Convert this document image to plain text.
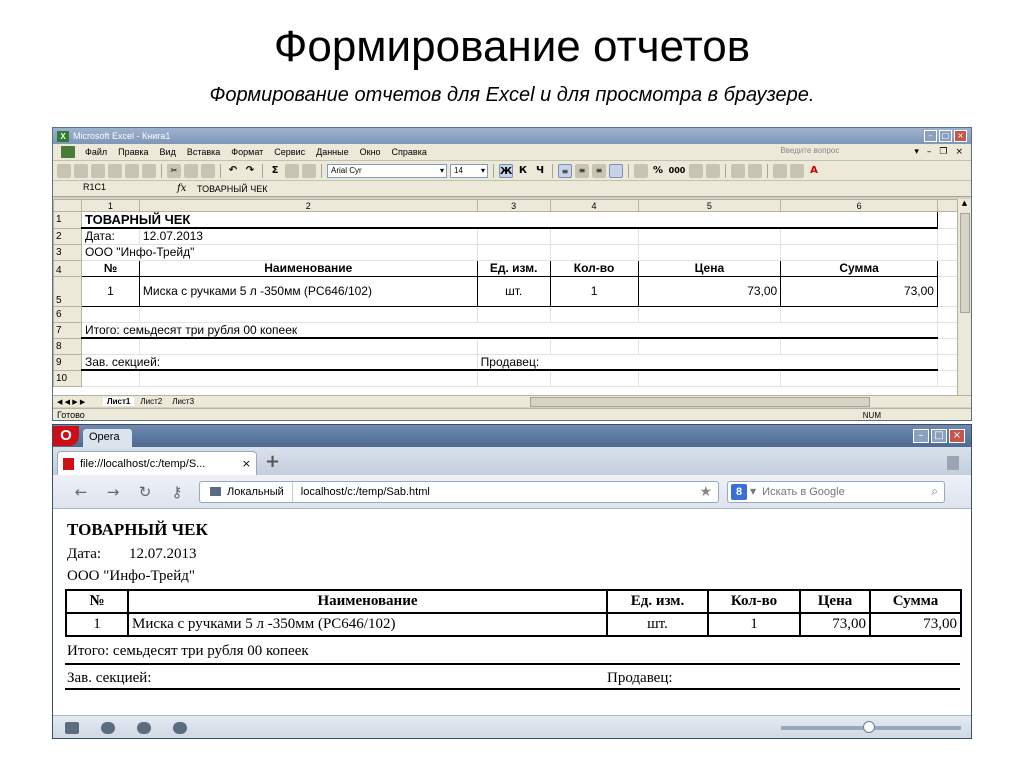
Формирование отчетов
Формирование отчетов для Excel и для просмотра в браузере.
X Microsoft Excel - Книга1	–	□ ×
Файл Правка Вид Вставка Формат Сервис Данные Окно Справка	Введите вопрос	▾ – ❐ ×
✂	↶ ↷	Σ	Arial Cyr ▾	14 ▾	Ж К Ч	≡	≡	≡	% 000	A
R1C1	fx	ТОВАРНЫЙ ЧЕК
	1	2	3	4	5	6	
1	ТОВАРНЫЙ ЧЕК						
2	Дата:	12.07.2013					
3	ООО "Инфо-Трейд"						
4	№	Наименование	Ед. изм.	Кол-во	Цена	Сумма	
5	1	Миска с ручками 5 л -350мм (PC646/102)	шт.	1	73,00	73,00	
6							
7	Итого: семьдесят три рубля 00 копеек						
8							
9	Зав. секцией:		Продавец:				
10							
▲
◀ ◀ ▶ ▶	Лист1	Лист2	Лист3
Готово	NUM
O	Opera	–	□ ×
file://localhost/c:/temp/S...	× +
←	→	↻	⚷	Локальный	localhost/c:/temp/Sab.html	★	8 ▼ Искать в Google	⌕
ТОВАРНЫЙ ЧЕК
Дата: 12.07.2013
ООО "Инфо-Трейд"
№	Наименование	Ед. изм.	Кол-во	Цена	Сумма
1	Миска с ручками 5 л -350мм (PC646/102)	шт.	1	73,00	73,00
Итого: семьдесят три рубля 00 копеек
Зав. секцией:	Продавец:
